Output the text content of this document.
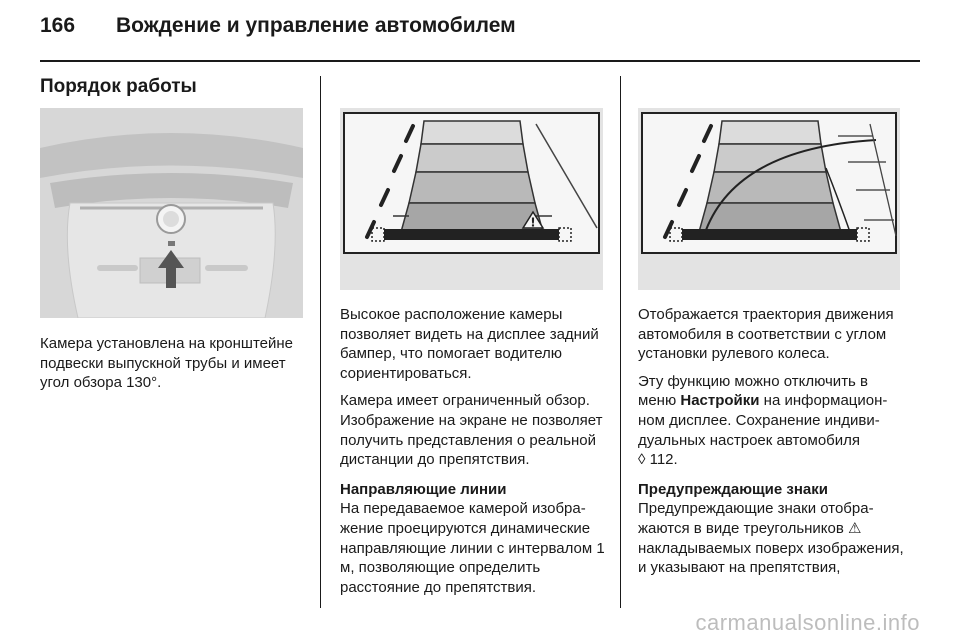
166 Вождение и управление автомобилем
Порядок работы
!

Камера установлена на кронштейне подвески выпускной трубы и имеет угол обзора 130°.

Высокое расположение камеры позволяет видеть на дисплее задний бампер, что помогает водителю сориентироваться.

Камера имеет ограниченный обзор. Изображение на экране не позволяет получить представления о реальной дистанции до препятствия.

Направляющие линии

На передаваемое камерой изображение проецируются динамические направляющие линии с интервалом 1 м, позволяющие определить расстояние до препятствия.

Отображается траектория движения автомобиля в соответствии с углом установки рулевого колеса.

Эту функцию можно отключить в меню Настройки на информационном дисплее. Сохранение индивидуальных настроек автомобиля
◊ 112.

Предупреждающие знаки

Предупреждающие знаки отображаются в виде треугольников ⚠ накладываемых поверх изображения, и указывают на препятствия,

carmanualsonline.info
